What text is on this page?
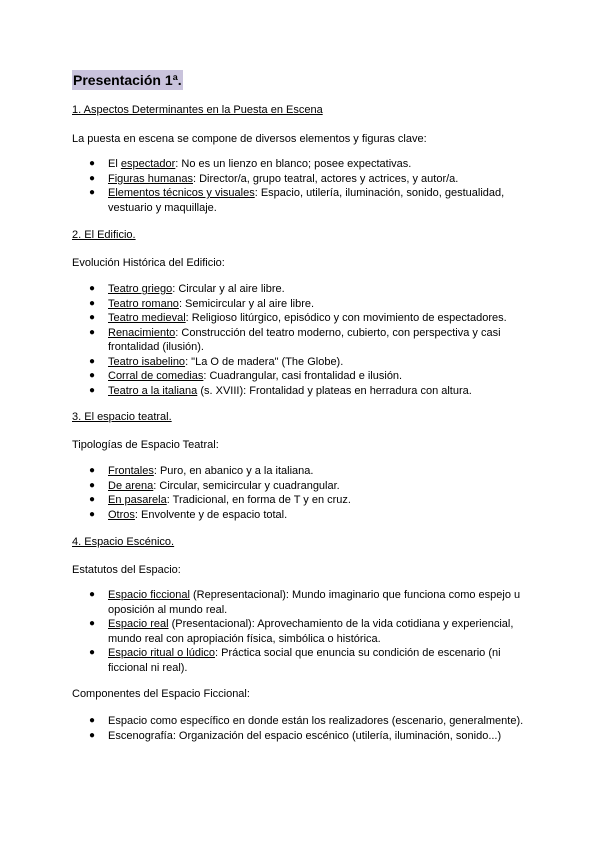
Presentación 1ª.
1. Aspectos Determinantes en la Puesta en Escena
La puesta en escena se compone de diversos elementos y figuras clave:
● El espectador: No es un lienzo en blanco; posee expectativas.
● Figuras humanas: Director/a, grupo teatral, actores y actrices, y autor/a.
● Elementos técnicos y visuales: Espacio, utilería, iluminación, sonido, gestualidad, vestuario y maquillaje.
2. El Edificio.
Evolución Histórica del Edificio:
● Teatro griego: Circular y al aire libre.
● Teatro romano: Semicircular y al aire libre.
● Teatro medieval: Religioso litúrgico, episódico y con movimiento de espectadores.
● Renacimiento: Construcción del teatro moderno, cubierto, con perspectiva y casi frontalidad (ilusión).
● Teatro isabelino: "La O de madera" (The Globe).
● Corral de comedias: Cuadrangular, casi frontalidad e ilusión.
● Teatro a la italiana (s. XVIII): Frontalidad y plateas en herradura con altura.
3. El espacio teatral.
Tipologías de Espacio Teatral:
● Frontales: Puro, en abanico y a la italiana.
● De arena: Circular, semicircular y cuadrangular.
● En pasarela: Tradicional, en forma de T y en cruz.
● Otros: Envolvente y de espacio total.
4. Espacio Escénico.
Estatutos del Espacio:
● Espacio ficcional (Representacional): Mundo imaginario que funciona como espejo u oposición al mundo real.
● Espacio real (Presentacional): Aprovechamiento de la vida cotidiana y experiencial, mundo real con apropiación física, simbólica o histórica.
● Espacio ritual o lúdico: Práctica social que enuncia su condición de escenario (ni ficcional ni real).
Componentes del Espacio Ficcional:
● Espacio como específico en donde están los realizadores (escenario, generalmente).
● Escenografía: Organización del espacio escénico (utilería, iluminación, sonido...)
